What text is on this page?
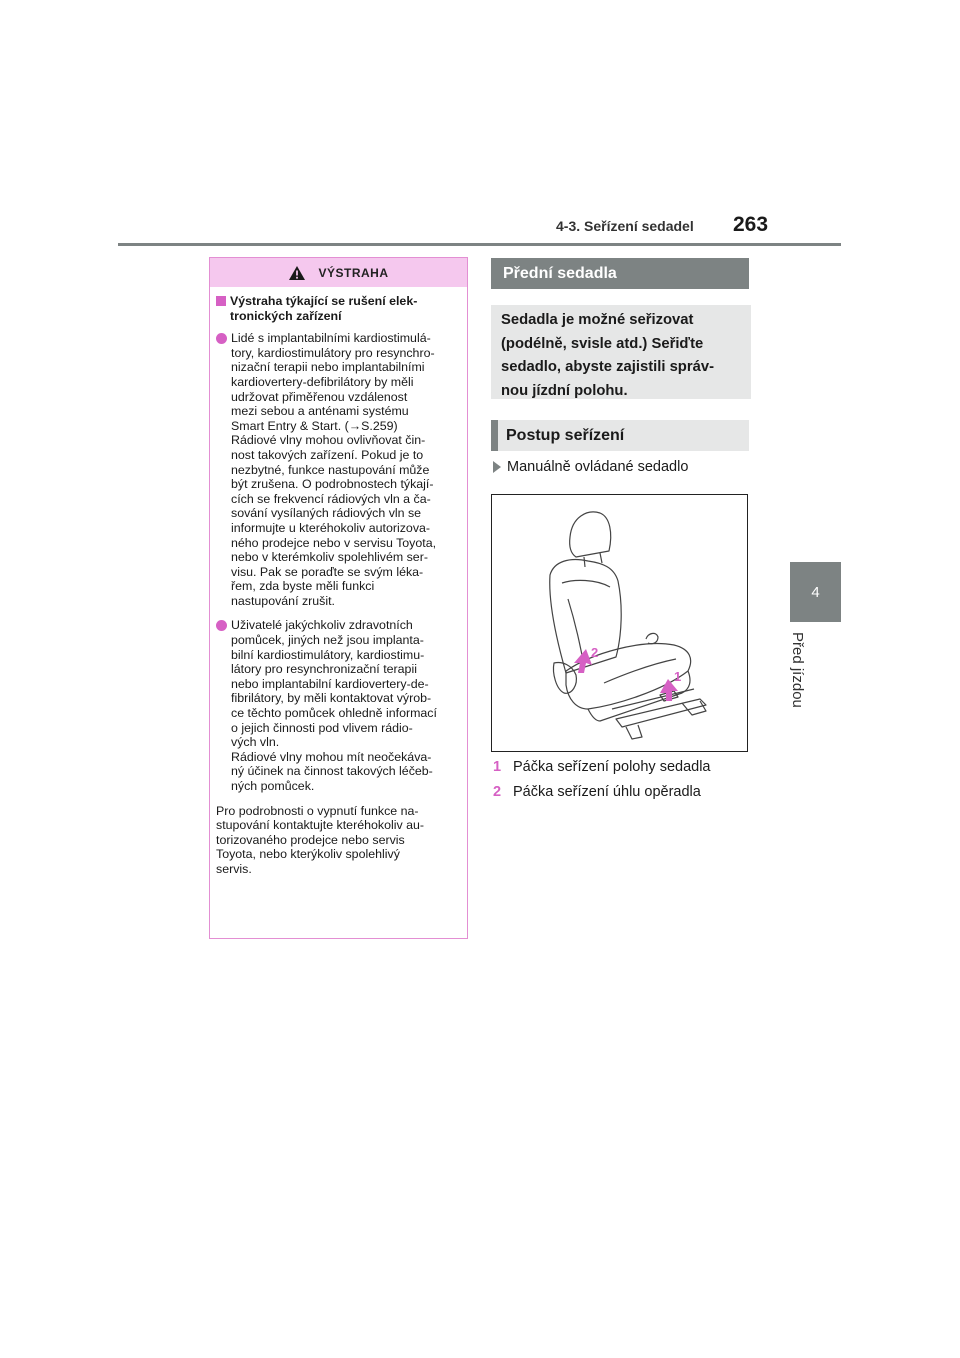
4-3. Seřízení sedadel 263
4
Před jízdou
VÝSTRAHA
Výstraha týkající se rušení elek-
tronických zařízení
Lidé s implantabilními kardiostimulá-
tory, kardiostimulátory pro resynchro-
nizační terapii nebo implantabilními
kardiovertery-defibrilátory by měli
udržovat přiměřenou vzdálenost
mezi sebou a anténami systému
Smart Entry & Start. (→S.259)
Rádiové vlny mohou ovlivňovat čin-
nost takových zařízení. Pokud je to
nezbytné, funkce nastupování může
být zrušena. O podrobnostech týkají-
cích se frekvencí rádiových vln a ča-
sování vysílaných rádiových vln se
informujte u kteréhokoliv autorizova-
ného prodejce nebo v servisu Toyota,
nebo v kterémkoliv spolehlivém ser-
visu. Pak se poraďte se svým léka-
řem, zda byste měli funkci
nastupování zrušit.
Uživatelé jakýchkoliv zdravotních
pomůcek, jiných než jsou implanta-
bilní kardiostimulátory, kardiostimu-
látory pro resynchronizační terapii
nebo implantabilní kardiovertery-de-
fibrilátory, by měli kontaktovat výrob-
ce těchto pomůcek ohledně informací
o jejich činnosti pod vlivem rádio-
vých vln.
Rádiové vlny mohou mít neočekáva-
ný účinek na činnost takových léčeb-
ných pomůcek.
Pro podrobnosti o vypnutí funkce na-
stupování kontaktujte kteréhokoliv au-
torizovaného prodejce nebo servis
Toyota, nebo kterýkoliv spolehlivý
servis.
Přední sedadla
Sedadla je možné seřizovat
(podélně, svisle atd.) Seřiďte
sedadlo, abyste zajistili správ-
nou jízdní polohu.
Postup seřízení
Manuálně ovládané sedadlo
2
1
1 Páčka seřízení polohy sedadla
2 Páčka seřízení úhlu opěradla
